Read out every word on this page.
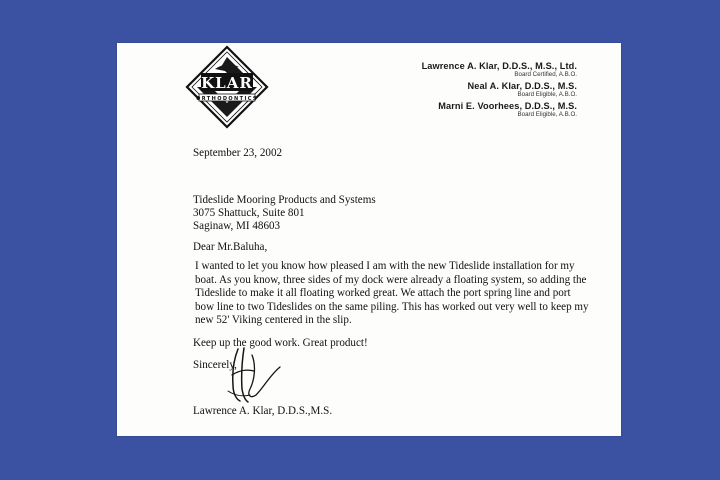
KLAR
ORTHODONTICS
Lawrence A. Klar, D.D.S., M.S., Ltd.
Board Certified, A.B.O.
Neal A. Klar, D.D.S., M.S.
Board Eligible, A.B.O.
Marni E. Voorhees, D.D.S., M.S.
Board Eligible, A.B.O.
September 23, 2002
Tideslide Mooring Products and Systems
3075 Shattuck, Suite 801
Saginaw, MI 48603
Dear Mr.Baluha,
I wanted to let you know how pleased I am with the new Tideslide installation for my
boat. As you know, three sides of my dock were already a floating system, so adding the
Tideslide to make it all floating worked great. We attach the port spring line and port
bow line to two Tideslides on the same piling. This has worked out very well to keep my
new 52' Viking centered in the slip.
Keep up the good work. Great product!
Sincerely,
Lawrence A. Klar, D.D.S.,M.S.
